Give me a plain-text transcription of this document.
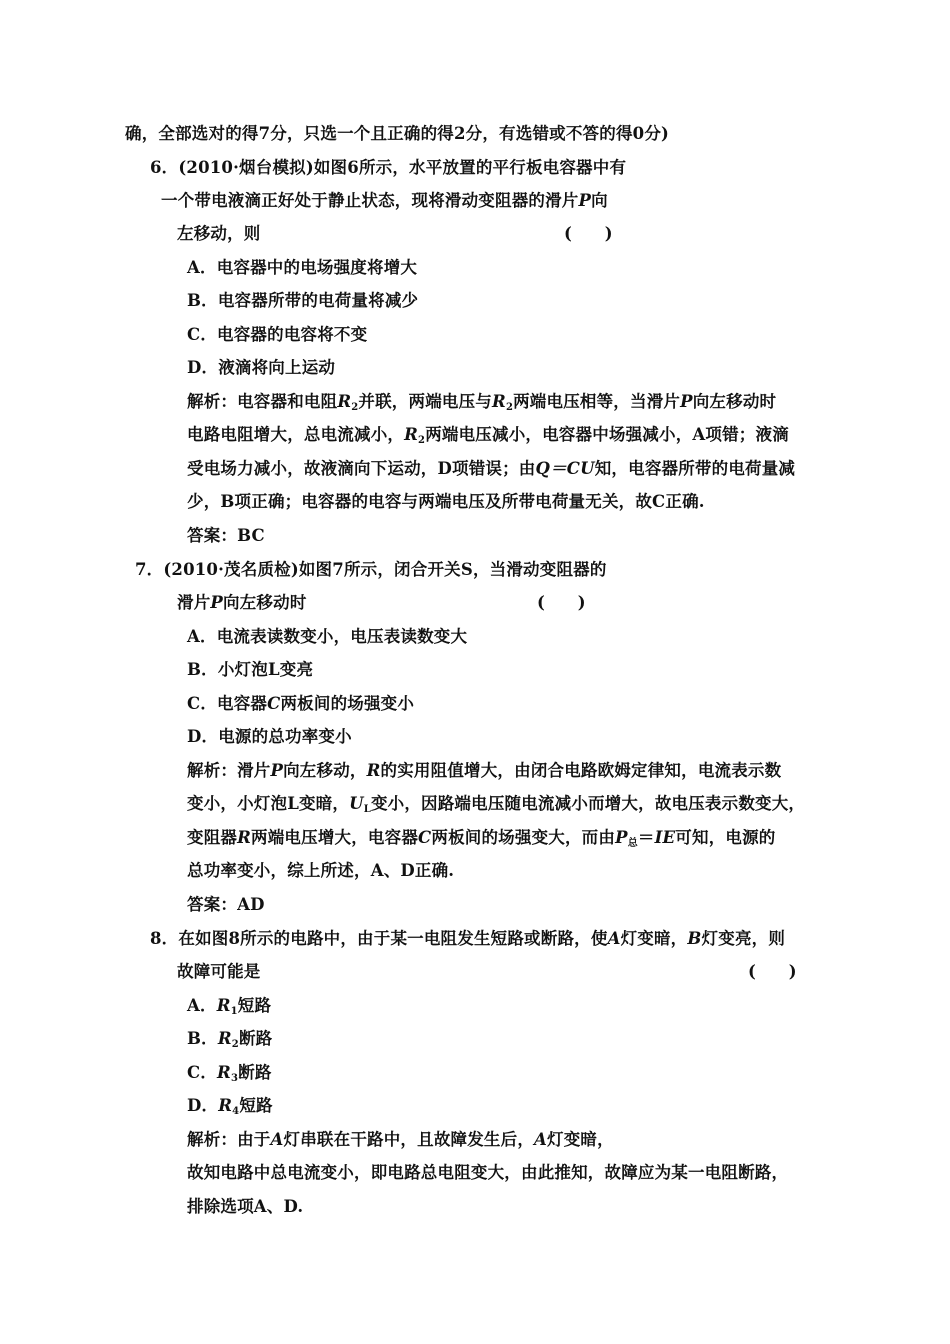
确，全部选对的得7分，只选一个且正确的得2分，有选错或不答的得0分)
6．(2010·烟台模拟)如图6所示，水平放置的平行板电容器中有
一个带电液滴正好处于静止状态，现将滑动变阻器的滑片P向
左移动，则	(　　)
A．电容器中的电场强度将增大
B．电容器所带的电荷量将减少
C．电容器的电容将不变
D．液滴将向上运动
解析：电容器和电阻$R_2$并联，两端电压与$R_2$两端电压相等，当滑片P向左移动时
电路电阻增大，总电流减小，$R_2$两端电压减小，电容器中场强减小，A项错；液滴
受电场力减小，故液滴向下运动，D项错误；由Q＝CU知，电容器所带的电荷量减
少，B项正确；电容器的电容与两端电压及所带电荷量无关，故C正确.
答案：BC
7．(2010·茂名质检)如图7所示，闭合开关S，当滑动变阻器的
滑片P向左移动时	(　　)
A．电流表读数变小，电压表读数变大
B．小灯泡L变亮
C．电容器C两板间的场强变小
D．电源的总功率变小
解析：滑片P向左移动，R的实用阻值增大，由闭合电路欧姆定律知，电流表示数
变小，小灯泡L变暗，$U_L$变小，因路端电压随电流减小而增大，故电压表示数变大，
变阻器R两端电压增大，电容器C两板间的场强变大，而由$P_总=IE$可知，电源的
总功率变小，综上所述，A、D正确.
答案：AD
8．在如图8所示的电路中，由于某一电阻发生短路或断路，使A灯变暗，B灯变亮，则
故障可能是	(　　)
A．$R_1$短路
B．$R_2$断路
C．$R_3$断路
D．$R_4$短路
解析：由于A灯串联在干路中，且故障发生后，A灯变暗，
故知电路中总电流变小，即电路总电阻变大，由此推知，故障应为某一电阻断路，
排除选项A、D.
